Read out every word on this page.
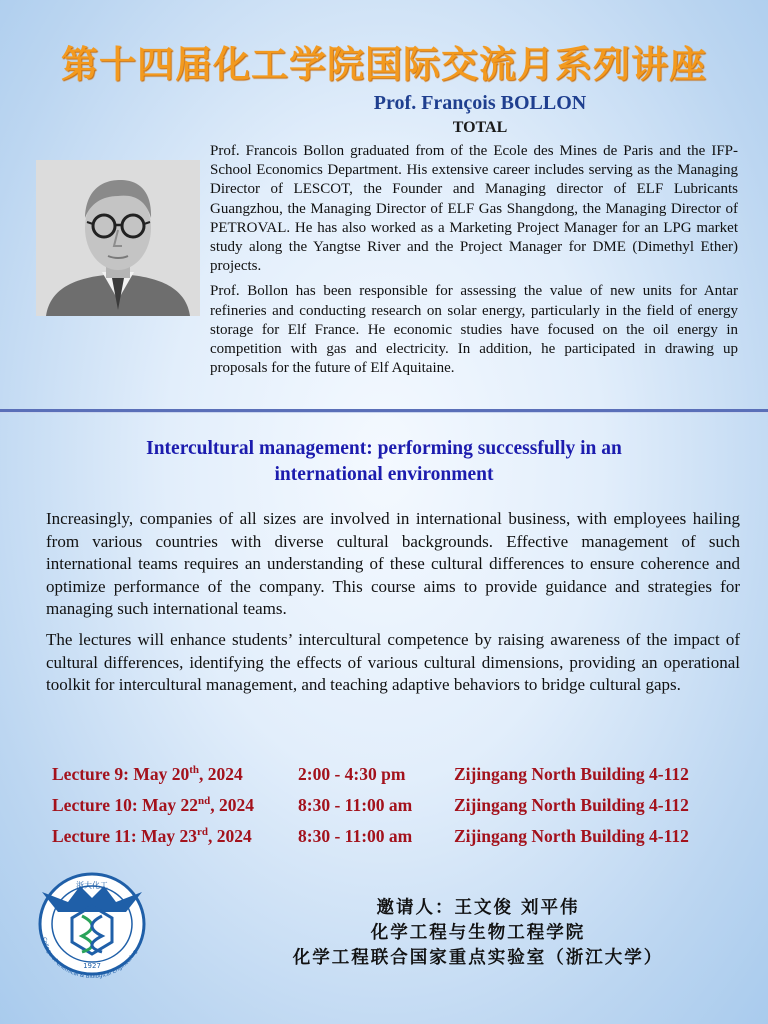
第十四届化工学院国际交流月系列讲座
Prof. François BOLLON
TOTAL

Prof. Francois Bollon graduated from of the Ecole des Mines de Paris and the IFP-School Economics Department. His extensive career includes serving as the Managing Director of LESCOT, the Founder and Managing director of ELF Lubricants Guangzhou, the Managing Director of ELF Gas Shangdong, the Managing Director of PETROVAL. He has also worked as a Marketing Project Manager for an LPG market study along the Yangtse River and the Project Manager for DME (Dimethyl Ether) projects.

Prof. Bollon has been responsible for assessing the value of new units for Antar refineries and conducting research on solar energy, particularly in the field of energy storage for Elf France. He economic studies have focused on the oil energy in competition with gas and electricity. In addition, he participated in drawing up proposals for the future of Elf Aquitaine.

Intercultural management: performing successfully in an
international environment

Increasingly, companies of all sizes are involved in international business, with employees hailing from various countries with diverse cultural backgrounds. Effective management of such international teams requires an understanding of these cultural differences to ensure coherence and optimize performance of the company. This course aims to provide guidance and strategies for managing such international teams.

The lectures will enhance students’ intercultural competence by raising awareness of the impact of cultural differences, identifying the effects of various cultural dimensions, providing an operational toolkit for intercultural management, and teaching adaptive behaviors to bridge cultural gaps.

Lecture 9: May 20th, 2024	2:00 - 4:30 pm	Zijingang North Building 4-112
Lecture 10: May 22nd, 2024	8:30 - 11:00 am Zijingang North Building 4-112
Lecture 11: May 23rd, 2024	8:30 - 11:00 am Zijingang North Building 4-112
1927
浙大化工
College of Chemical & Biological Engineering
邀请人：王文俊 刘平伟
化学工程与生物工程学院
化学工程联合国家重点实验室（浙江大学）
